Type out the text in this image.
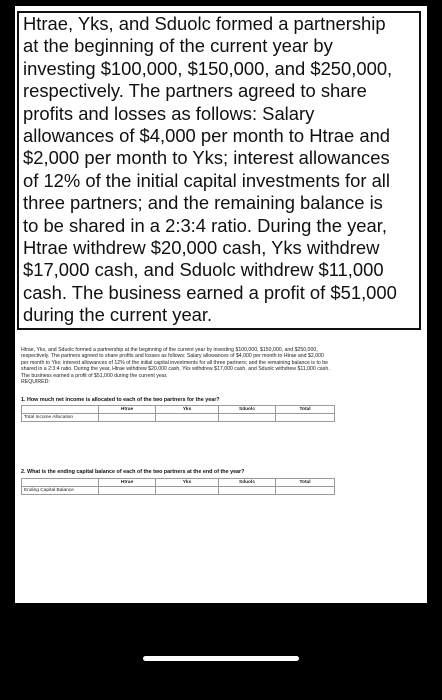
Htrae, Yks, and Sduolc formed a partnership

at the beginning of the current year by

investing $100,000, $150,000, and $250,000,

respectively. The partners agreed to share

profits and losses as follows: Salary

allowances of $4,000 per month to Htrae and

$2,000 per month to Yks; interest allowances

of 12% of the initial capital investments for all

three partners; and the remaining balance is

to be shared in a 2:3:4 ratio. During the year,

Htrae withdrew $20,000 cash, Yks withdrew

$17,000 cash, and Sduolc withdrew $11,000

cash. The business earned a profit of $51,000

during the current year.

Htrae, Yks, and Sduolc formed a partnership at the beginning of the current year by investing $100,000, $150,000, and $250,000,

respectively. The partners agreed to share profits and losses as follows: Salary allowances of $4,000 per month to Htrae and $2,000

per month to Yks; interest allowances of 12% of the initial capital investments for all three partners; and the remaining balance is to be

shared in a 2:3:4 ratio. During the year, Htrae withdrew $20,000 cash, Yks withdrew $17,000 cash, and Sduolc withdrew $11,000 cash.

The business earned a profit of $51,000 during the current year.

REQUIRED:

1. How much net income is allocated to each of the two partners for the year?
	Htrae	Yks	Sduolc	Total
Total Income Allocation				
2. What is the ending capital balance of each of the two partners at the end of the year?
	Htrae	Yks	Sduolc	Total
Ending Capital Balance				
